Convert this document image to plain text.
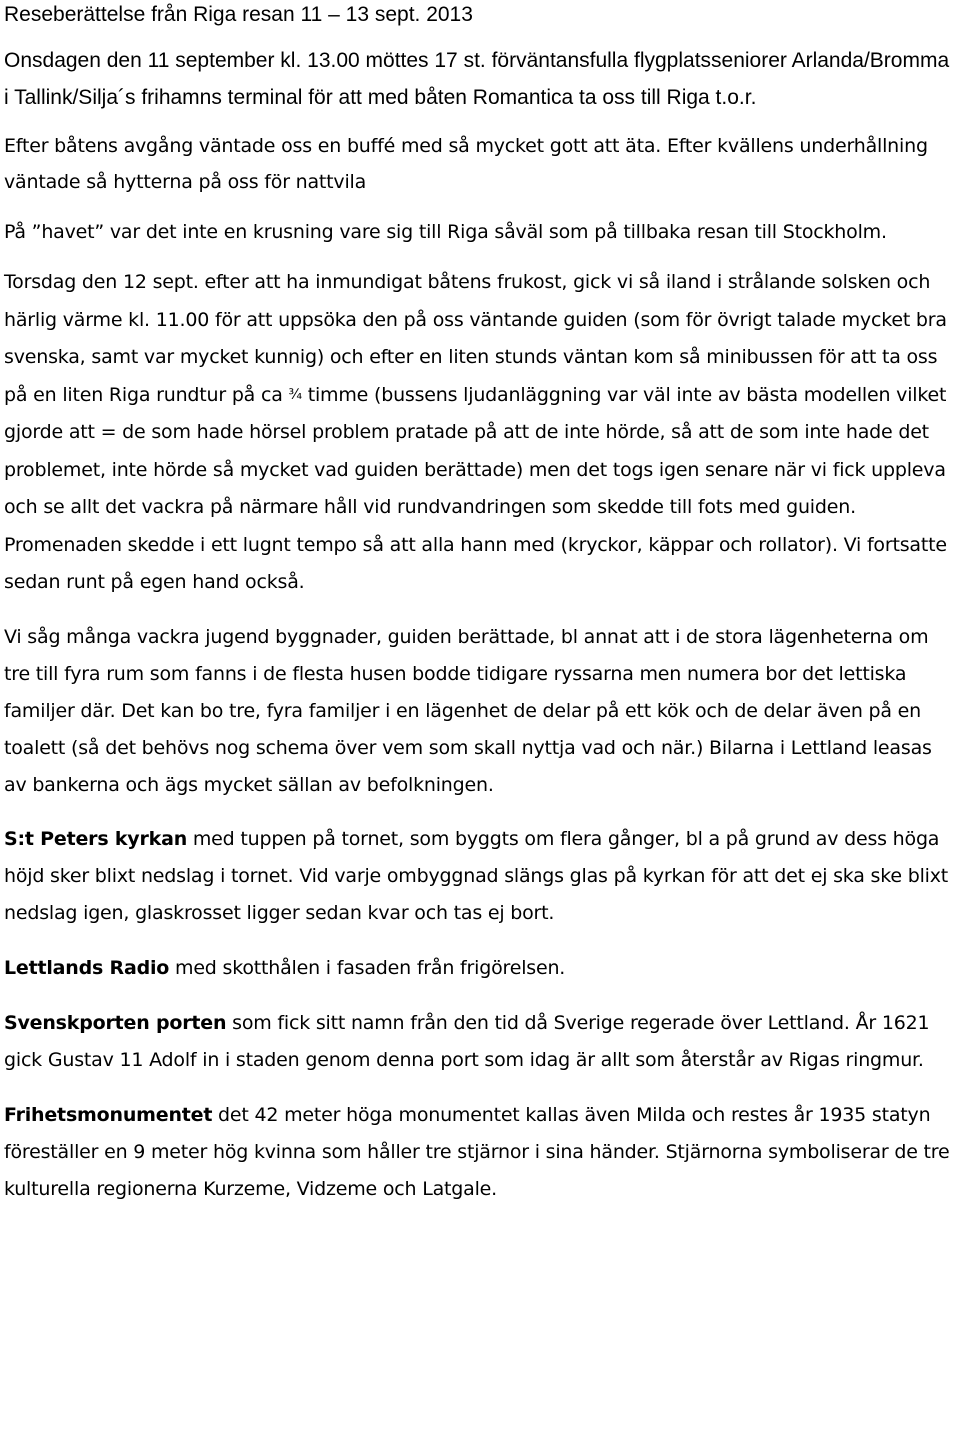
Reseberättelse från Riga resan 11 – 13 sept. 2013

Onsdagen den 11 september kl. 13.00 möttes 17 st. förväntansfulla flygplatsseniorer Arlanda/Bromma i Tallink/Silja´s frihamns terminal för att med båten Romantica ta oss till Riga t.o.r.

Efter båtens avgång väntade oss en buffé med så mycket gott att äta. Efter kvällens underhållning väntade så hytterna på oss för nattvila

På ”havet” var det inte en krusning vare sig till Riga såväl som på tillbaka resan till Stockholm.

Torsdag den 12 sept. efter att ha inmundigat båtens frukost, gick vi så iland i strålande solsken och härlig värme kl. 11.00 för att uppsöka den på oss väntande guiden (som för övrigt talade mycket bra svenska, samt var mycket kunnig) och efter en liten stunds väntan kom så minibussen för att ta oss på en liten Riga rundtur på ca ¾ timme (bussens ljudanläggning var väl inte av bästa modellen vilket gjorde att = de som hade hörsel problem pratade på att de inte hörde, så att de som inte hade det problemet, inte hörde så mycket vad guiden berättade) men det togs igen senare när vi fick uppleva och se allt det vackra på närmare håll vid rundvandringen som skedde till fots med guiden. Promenaden skedde i ett lugnt tempo så att alla hann med (kryckor, käppar och rollator). Vi fortsatte sedan runt på egen hand också.

Vi såg många vackra jugend byggnader, guiden berättade, bl annat att i de stora lägenheterna om tre till fyra rum som fanns i de flesta husen bodde tidigare ryssarna men numera bor det lettiska familjer där. Det kan bo tre, fyra familjer i en lägenhet de delar på ett kök och de delar även på en toalett (så det behövs nog schema över vem som skall nyttja vad och när.) Bilarna i Lettland leasas av bankerna och ägs mycket sällan av befolkningen.

S:t Peters kyrkan med tuppen på tornet, som byggts om flera gånger, bl a på grund av dess höga höjd sker blixt nedslag i tornet. Vid varje ombyggnad slängs glas på kyrkan för att det ej ska ske blixt nedslag igen, glaskrosset ligger sedan kvar och tas ej bort.

Lettlands Radio med skotthålen i fasaden från frigörelsen.

Svenskporten porten som fick sitt namn från den tid då Sverige regerade över Lettland. År 1621 gick Gustav 11 Adolf in i staden genom denna port som idag är allt som återstår av Rigas ringmur.

Frihetsmonumentet det 42 meter höga monumentet kallas även Milda och restes år 1935 statyn föreställer en 9 meter hög kvinna som håller tre stjärnor i sina händer. Stjärnorna symboliserar de tre kulturella regionerna Kurzeme, Vidzeme och Latgale.
